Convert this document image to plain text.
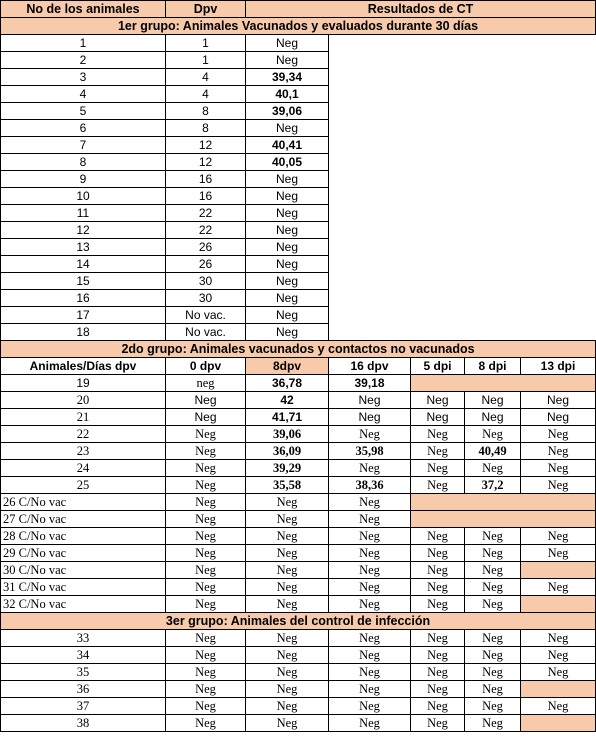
No de los animales	Dpv	Resultados de CT				
1er grupo: Animales Vacunados y evaluados durante 30 días						
1	1	Neg				
2	1	Neg				
3	4	39,34				
4	4	40,1				
5	8	39,06				
6	8	Neg				
7	12	40,41				
8	12	40,05				
9	16	Neg				
10	16	Neg				
11	22	Neg				
12	22	Neg				
13	26	Neg				
14	26	Neg				
15	30	Neg				
16	30	Neg				
17	No vac.	Neg				
18	No vac.	Neg				
2do grupo: Animales vacunados y contactos no vacunados						
Animales/Días dpv	0 dpv	8dpv	16 dpv	5 dpi	8 dpi	13 dpi
19	neg	36,78	39,18			
20	Neg	42	Neg	Neg	Neg	Neg
21	Neg	41,71	Neg	Neg	Neg	Neg
22	Neg	39,06	Neg	Neg	Neg	Neg
23	Neg	36,09	35,98	Neg	40,49	Neg
24	Neg	39,29	Neg	Neg	Neg	Neg
25	Neg	35,58	38,36	Neg	37,2	Neg
26 C/No vac	Neg	Neg	Neg			
27 C/No vac	Neg	Neg	Neg			
28 C/No vac	Neg	Neg	Neg	Neg	Neg	Neg
29 C/No vac	Neg	Neg	Neg	Neg	Neg	Neg
30 C/No vac	Neg	Neg	Neg	Neg	Neg	
31 C/No vac	Neg	Neg	Neg	Neg	Neg	Neg
32 C/No vac	Neg	Neg	Neg	Neg	Neg	
3er grupo: Animales del control de infección						
33	Neg	Neg	Neg	Neg	Neg	Neg
34	Neg	Neg	Neg	Neg	Neg	Neg
35	Neg	Neg	Neg	Neg	Neg	Neg
36	Neg	Neg	Neg	Neg	Neg	
37	Neg	Neg	Neg	Neg	Neg	Neg
38	Neg	Neg	Neg	Neg	Neg	
